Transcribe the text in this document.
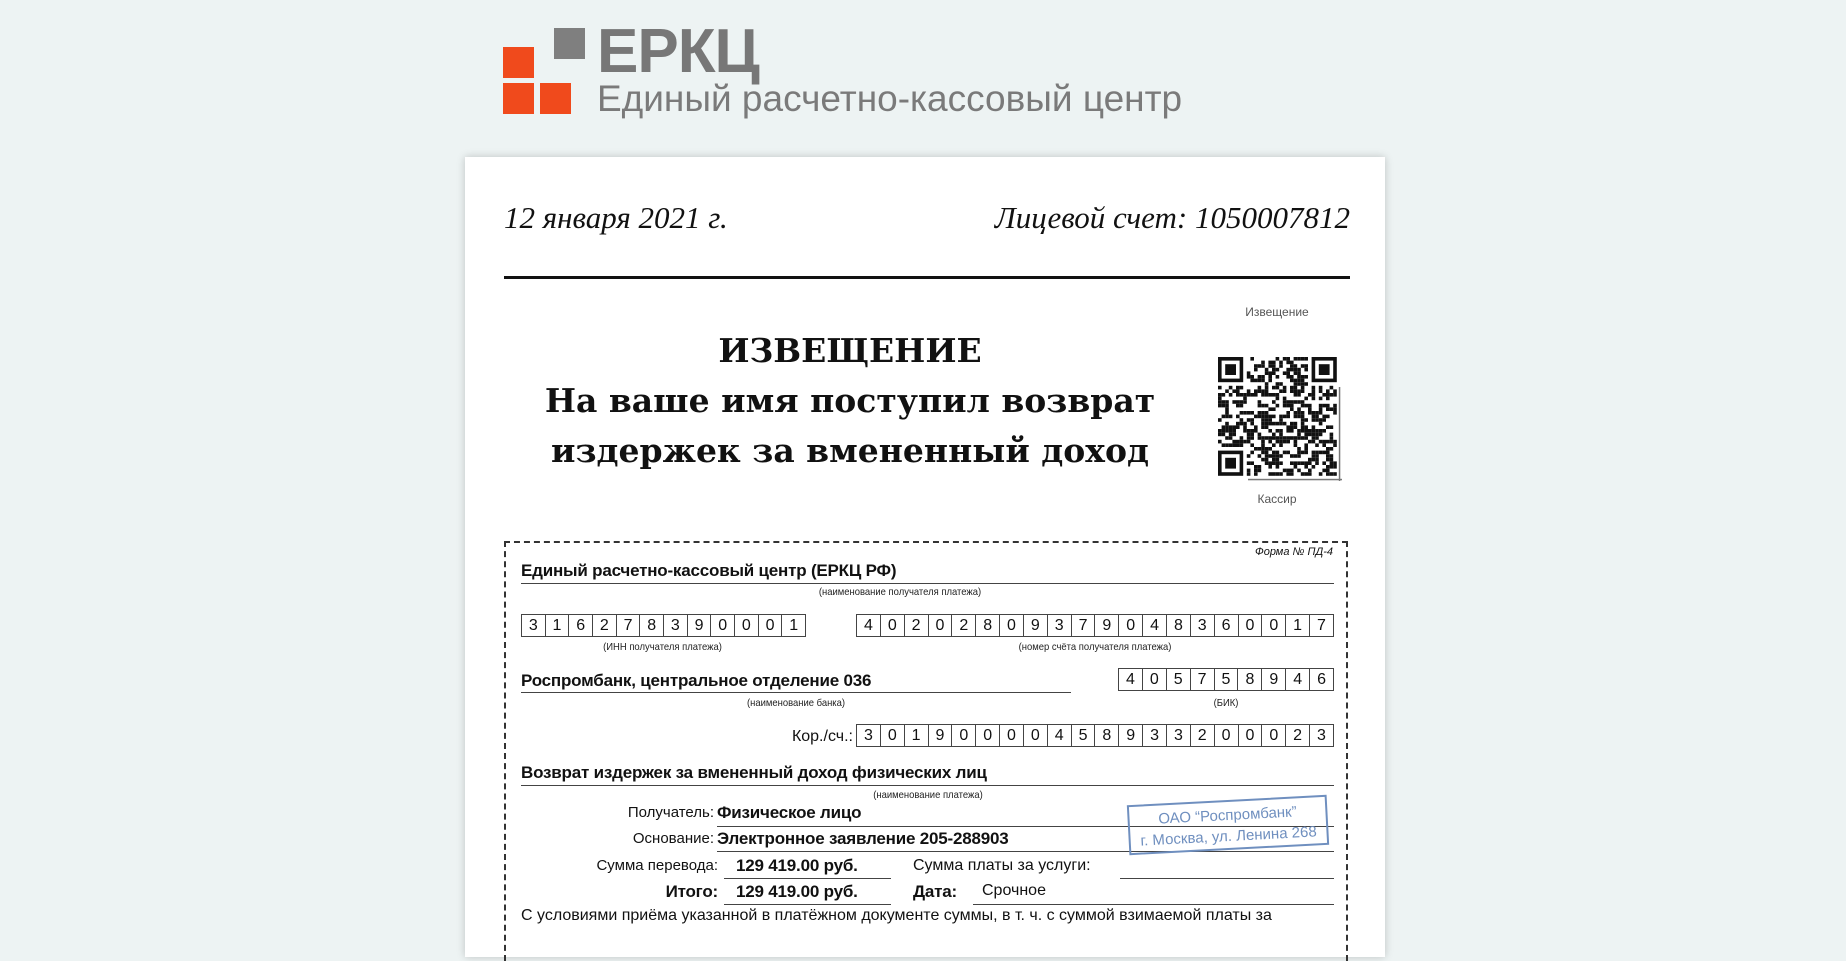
ЕРКЦ
Единый расчетно-кассовый центр
12 января 2021 г.	Лицевой счет: 1050007812
Извещение
ИЗВЕЩЕНИЕ
На ваше имя поступил возврат
издержек за вмененный доход
Кассир
Форма № ПД-4
Единый расчетно-кассовый центр (ЕРКЦ РФ)
(наименование получателя платежа)
3 1 6 2 7 8 3 9 0 0 0 1
(ИНН получателя платежа)
4 0 2 0 2 8 0 9 3 7 9 0 4 8 3 6 0 0 1 7
(номер счёта получателя платежа)
Роспромбанк, центральное отделение 036
(наименование банка)
4 0 5 7 5 8 9 4 6
(БИК)
Кор./сч.: 3 0 1 9 0 0 0 0 4 5 8 9 3 3 2 0 0 0 2 3
Возврат издержек за вмененный доход физических лиц
(наименование платежа)
Получатель: Физическое лицо
Основание: Электронное заявление 205-288903
Сумма перевода: 129 419.00 руб.	Сумма платы за услуги:
Итого: 129 419.00 руб.	Дата: Срочное
С условиями приёма указанной в платёжном документе суммы, в т. ч. с суммой взимаемой платы за
ОАО “Роспромбанк”
г. Москва, ул. Ленина 268
